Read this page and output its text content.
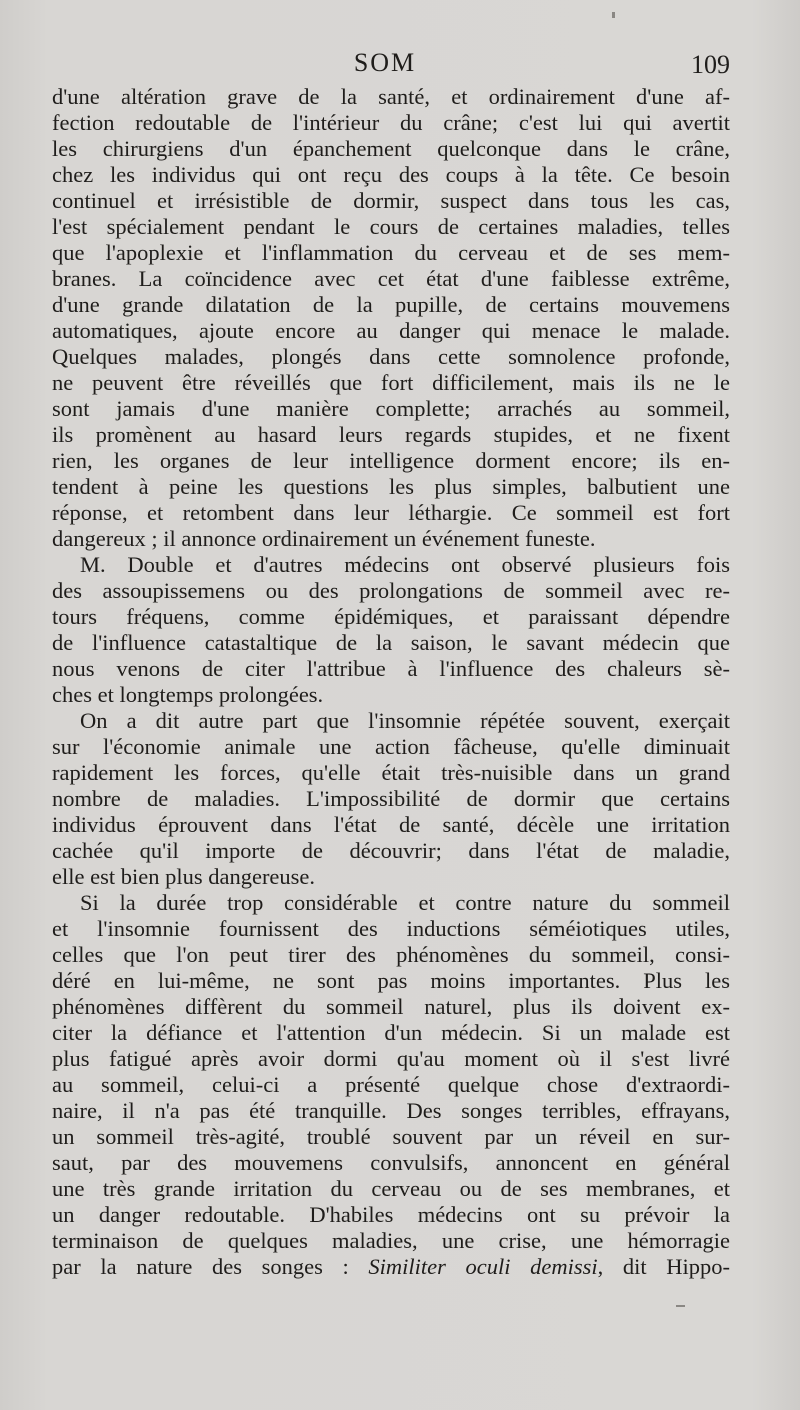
SOM	109
d'une altération grave de la santé, et ordinairement d'une af-
fection redoutable de l'intérieur du crâne; c'est lui qui avertit
les chirurgiens d'un épanchement quelconque dans le crâne,
chez les individus qui ont reçu des coups à la tête. Ce besoin
continuel et irrésistible de dormir, suspect dans tous les cas,
l'est spécialement pendant le cours de certaines maladies, telles
que l'apoplexie et l'inflammation du cerveau et de ses mem-
branes. La coïncidence avec cet état d'une faiblesse extrême,
d'une grande dilatation de la pupille, de certains mouvemens
automatiques, ajoute encore au danger qui menace le malade.
Quelques malades, plongés dans cette somnolence profonde,
ne peuvent être réveillés que fort difficilement, mais ils ne le
sont jamais d'une manière complette; arrachés au sommeil,
ils promènent au hasard leurs regards stupides, et ne fixent
rien, les organes de leur intelligence dorment encore; ils en-
tendent à peine les questions les plus simples, balbutient une
réponse, et retombent dans leur léthargie. Ce sommeil est fort
dangereux ; il annonce ordinairement un événement funeste.
M. Double et d'autres médecins ont observé plusieurs fois
des assoupissemens ou des prolongations de sommeil avec re-
tours fréquens, comme épidémiques, et paraissant dépendre
de l'influence catastaltique de la saison, le savant médecin que
nous venons de citer l'attribue à l'influence des chaleurs sè-
ches et longtemps prolongées.
On a dit autre part que l'insomnie répétée souvent, exerçait
sur l'économie animale une action fâcheuse, qu'elle diminuait
rapidement les forces, qu'elle était très-nuisible dans un grand
nombre de maladies. L'impossibilité de dormir que certains
individus éprouvent dans l'état de santé, décèle une irritation
cachée qu'il importe de découvrir; dans l'état de maladie,
elle est bien plus dangereuse.
Si la durée trop considérable et contre nature du sommeil
et l'insomnie fournissent des inductions séméiotiques utiles,
celles que l'on peut tirer des phénomènes du sommeil, consi-
déré en lui-même, ne sont pas moins importantes. Plus les
phénomènes diffèrent du sommeil naturel, plus ils doivent ex-
citer la défiance et l'attention d'un médecin. Si un malade est
plus fatigué après avoir dormi qu'au moment où il s'est livré
au sommeil, celui-ci a présenté quelque chose d'extraordi-
naire, il n'a pas été tranquille. Des songes terribles, effrayans,
un sommeil très-agité, troublé souvent par un réveil en sur-
saut, par des mouvemens convulsifs, annoncent en général
une très grande irritation du cerveau ou de ses membranes, et
un danger redoutable. D'habiles médecins ont su prévoir la
terminaison de quelques maladies, une crise, une hémorragie
par la nature des songes : Similiter oculi demissi, dit Hippo-
